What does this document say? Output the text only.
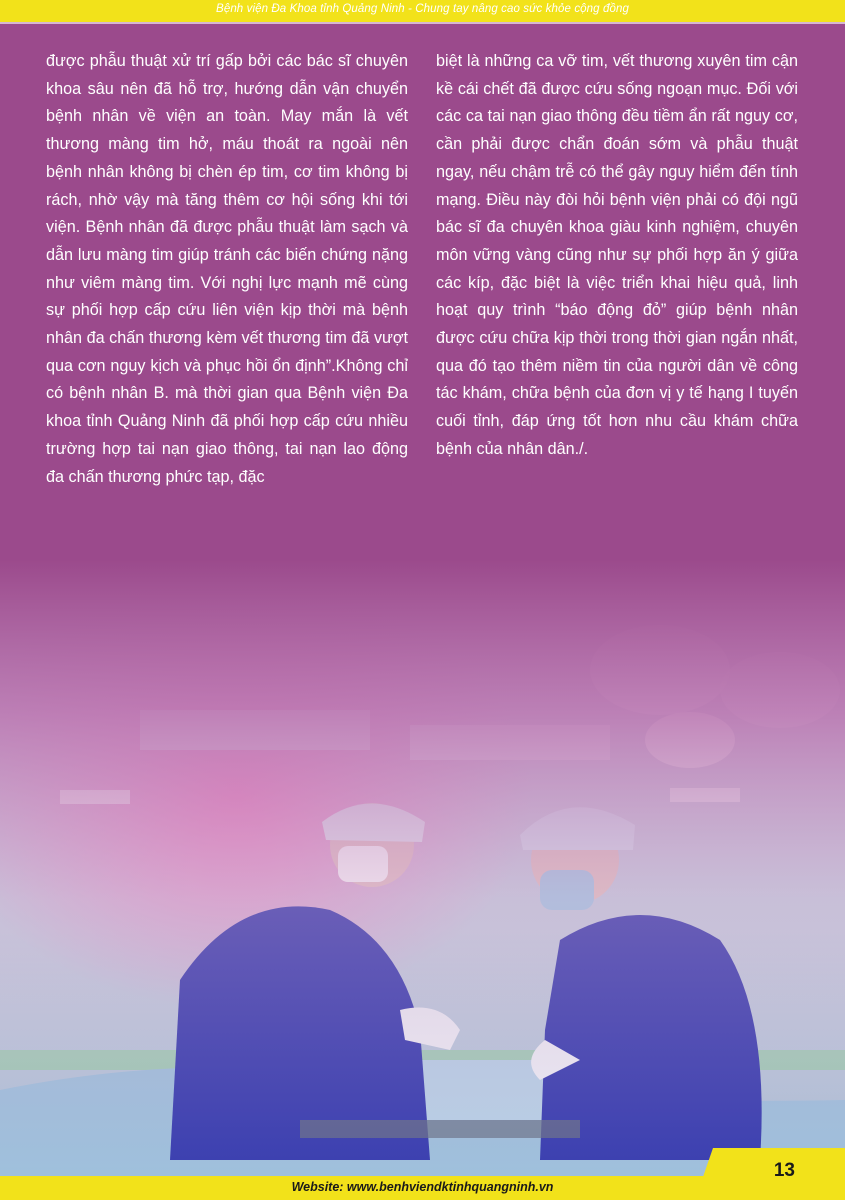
Bệnh viện Đa Khoa tỉnh Quảng Ninh - Chung tay nâng cao sức khỏe cộng đồng
được phẫu thuật xử trí gấp bởi các bác sĩ chuyên khoa sâu nên đã hỗ trợ, hướng dẫn vận chuyển bệnh nhân về viện an toàn. May mắn là vết thương màng tim hở, máu thoát ra ngoài nên bệnh nhân không bị chèn ép tim, cơ tim không bị rách, nhờ vậy mà tăng thêm cơ hội sống khi tới viện. Bệnh nhân đã được phẫu thuật làm sạch và dẫn lưu màng tim giúp tránh các biến chứng nặng như viêm màng tim. Với nghị lực mạnh mẽ cùng sự phối hợp cấp cứu liên viện kịp thời mà bệnh nhân đa chấn thương kèm vết thương tim đã vượt qua cơn nguy kịch và phục hồi ổn định”.Không chỉ có bệnh nhân B. mà thời gian qua Bệnh viện Đa khoa tỉnh Quảng Ninh đã phối hợp cấp cứu nhiều trường hợp tai nạn giao thông, tai nạn lao động đa chấn thương phức tạp, đặc
biệt là những ca vỡ tim, vết thương xuyên tim cận kề cái chết đã được cứu sống ngoạn mục. Đối với các ca tai nạn giao thông đều tiềm ẩn rất nguy cơ, cần phải được chẩn đoán sớm và phẫu thuật ngay, nếu chậm trễ có thể gây nguy hiểm đến tính mạng. Điều này đòi hỏi bệnh viện phải có đội ngũ bác sĩ đa chuyên khoa giàu kinh nghiệm, chuyên môn vững vàng cũng như sự phối hợp ăn ý giữa các kíp, đặc biệt là việc triển khai hiệu quả, linh hoạt quy trình “báo động đỏ” giúp bệnh nhân được cứu chữa kịp thời trong thời gian ngắn nhất, qua đó tạo thêm niềm tin của người dân về công tác khám, chữa bệnh của đơn vị y tế hạng I tuyến cuối tỉnh, đáp ứng tốt hơn nhu cầu khám chữa bệnh của nhân dân./.
Website: www.benhviendktinhquangninh.vn
13
